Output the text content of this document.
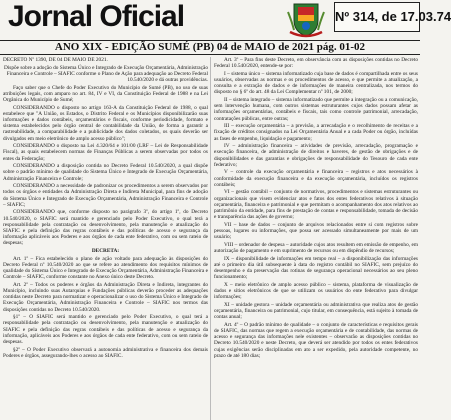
Jornal Oficial	Nº 314, de 17.03.74
ANO XIX - EDIÇÃO SUMÉ (PB) 04 de MAIO de 2021 pág. 01-02

DECRETO Nº 1390, DE 04 DE MAIO DE 2021.

Dispõe sobre a adoção do Sistema Único e Integrado de Execução Orçamentária, Administração Financeira e Controle – SIAFIC conforme o Plano de Ação para adequação ao Decreto Federal 10.540/2020 e dá outras providências.

Faço saber que o Chefe do Poder Executivo do Município de Sumé (PB), no uso de suas atribuições legais, com amparo no art. 84, IV e VI, da Constituição Federal de 1988 e na Lei Orgânica do Município de Sumé;

CONSIDERANDO o disposto no artigo 163-A da Constituição Federal de 1988, o qual estabelece que "A União, os Estados, o Distrito Federal e os Municípios disponibilizarão suas informações e dados contábeis, orçamentários e fiscais, conforme periodicidade, formato e sistema estabelecidos pelo órgão central de contabilidade da União, de forma a garantir a rastreabilidade, a comparabilidade e a publicidade dos dados coletados, os quais deverão ser divulgados em meio eletrônico de amplo acesso público";

CONSIDERANDO o disposto na Lei 4.320/64 e 101/00 (LRF – Lei de Responsabilidade Fiscal), as quais estabelecem normas de Finanças Públicas a serem observadas por todos os entes da Federação;

CONSIDERANDO a disposição contida no Decreto Federal 10.540/2020, a qual dispõe sobre o padrão mínimo de qualidade do Sistema Único e Integrado de Execução Orçamentária, Administração Financeira e Controle;

CONSIDERANDO a necessidade de padronizar os procedimentos a serem observados por todos os órgãos e entidades da Administração Direta e Indireta Municipal, para fins de adoção do Sistema Único e Integrado de Execução Orçamentária, Administração Financeira e Controle – SIAFIC;

CONSIDERANDO que, conforme disposto no parágrafo 3º, do artigo 1º, do Decreto 10.540/2020, o SIAFIC será mantido e gerenciado pelo Poder Executivo, o qual terá a responsabilidade pela contratação ou desenvolvimento, pela manutenção e atualização do SIAFIC e pela definição das regras contábeis e das políticas de acesso e segurança da informação aplicáveis aos Poderes e aos órgãos de cada ente federativo, com ou sem rateio de despesas;

DECRETA:

Art. 1º – Fica estabelecido o plano de ação voltado para adequação às disposições do Decreto Federal nº 10.540/2020 ao que se refere ao atendimento dos requisitos mínimos de qualidade do Sistema Único e Integrado de Execução Orçamentária, Administração Financeira e Controle – SIAFIC, conforme constante no Anexo único deste Decreto.

Art. 2º – Todos os poderes e órgãos da Administração Direta e Indireta, integrantes do Município, incluindo suas Autarquias e Fundações públicas deverão proceder as adequações contidas neste Decreto para normatizar e operacionalizar o uso do Sistema Único e Integrado de Execução Orçamentária, Administração Financeira e Controle – SIAFIC nos termos das disposições contidas no Decreto 10.540/2020.

§1º – O SIAFIC será mantido e gerenciado pelo Poder Executivo, o qual terá a responsabilidade pela contratação ou desenvolvimento, pela manutenção e atualização do SIAFIC e pela definição das regras contábeis e das políticas de acesso e segurança da informação, aplicáveis aos Poderes e aos órgãos de cada ente federativo, com ou sem rateio de despesas.

§2º – O Poder Executivo observará a autonomia administrativa e financeira dos demais Poderes e órgãos, assegurando-lhes o acesso ao SIAFIC.

Art. 3º – Para fins deste Decreto, em observância com as disposições contidas no Decreto Federal 10.540/2020, entende-se por:

I – sistema único – sistema informatizado cuja base de dados é compartilhada entre os seus usuários, observadas as normas e os procedimentos de acesso, e que permite a atualização, a consulta e a extração de dados e de informações de maneira centralizada, nos termos do disposto no § 6º do art. 48 da Lei Complementar nº 101, de 2000;

II – sistema integrado – sistema informatizado que permite a integração ou a comunicação, sem intervenção humana, com outros sistemas estruturantes cujos dados possam afetar as informações orçamentárias, contábeis e fiscais, tais como controle patrimonial, arrecadação, contratações públicas, entre outras;

III – execução orçamentária – a previsão, a arrecadação e o recolhimento de receitas e a fixação de créditos consignados na Lei Orçamentária Anual e a cada Poder ou órgão, incluídas as fases de empenho, liquidação e pagamento;

IV – administração financeira – atividades de previsão, arrecadação, programação e execução financeira, de administração de direitos e haveres, de gestão de obrigações e de disponibilidades e das garantias e obrigações de responsabilidade do Tesouro de cada ente federativo;

V – controle da execução orçamentária e financeira – registros e atos necessários à conformidade da execução financeira e da execução orçamentária, incluídos os registros contábeis;

VI – gestão contábil – conjunto de normativos, procedimentos e sistemas estruturantes ou organizacionais que visem evidenciar atos e fatos dos entes federativos relativos à situação orçamentária, financeira e patrimonial e que permitam o acompanhamento dos atos relativos ao patrimônio da entidade, para fins de prestação de contas e responsabilidade, tomada de decisão e transparência das ações de governo;

VII – base de dados – conjunto de arquivos relacionados entre si com registros sobre pessoas, lugares ou informações, que possa ser acessado simultaneamente por mais de um usuário;

VIII – ordenador de despesa – autoridade cujos atos resultem em emissão de empenho, em autorização de pagamento e em suprimento de recursos ou em dispêndio de recursos;

IX – disponibilidade de informações em tempo real – a disponibilização das informações até o primeiro dia útil subsequente à data do registro contábil no SIAFIC, sem prejuízo do desempenho e da preservação das rotinas de segurança operacional necessários ao seu pleno funcionamento;

X – meio eletrônico de amplo acesso público – sistema, plataforma de visualização de dados e sítios eletrônicos de que se utilizam os usuários do ente federativo para divulgar informações;

XI – unidade gestora – unidade orçamentária ou administrativa que realiza atos de gestão orçamentária, financeira ou patrimonial, cujo titular, em consequência, está sujeito à tomada de contas anual;

Art. 4º – O padrão mínimo de qualidade – o conjunto de características e requisitos gerais de SIAFIC, das normas que regem a execução orçamentária e de contabilidade, das normas de acesso e segurança das informações nele existentes – observarão as disposições contidas no Decreto 10.540/2020 e neste Decreto, que deverá ser atendido por todos os entes federativos cujas exigências serão disciplinadas em ato a ser expedido, pela autoridade competente, no prazo de até 180 dias;
